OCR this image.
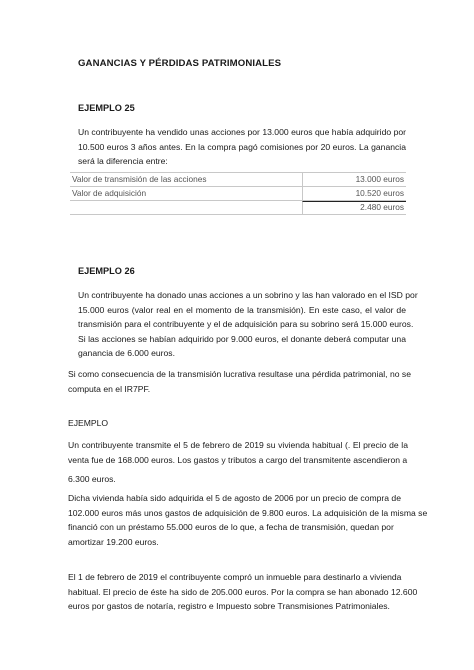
GANANCIAS Y PÉRDIDAS PATRIMONIALES
EJEMPLO 25
Un contribuyente ha vendido unas acciones por 13.000 euros que había adquirido por
10.500 euros 3 años antes. En la compra pagó comisiones por 20 euros. La ganancia
será la diferencia entre:
Valor de transmisión de las acciones	13.000 euros
Valor de adquisición	10.520 euros
2.480 euros
EJEMPLO 26
Un contribuyente ha donado unas acciones a un sobrino y las han valorado en el ISD por
15.000 euros (valor real en el momento de la transmisión). En este caso, el valor de
transmisión para el contribuyente y el de adquisición para su sobrino será 15.000 euros.
Si las acciones se habían adquirido por 9.000 euros, el donante deberá computar una
ganancia de 6.000 euros.
Si como consecuencia de la transmisión lucrativa resultase una pérdida patrimonial, no se
computa en el IR7PF.
EJEMPLO
Un contribuyente transmite el 5 de febrero de 2019 su vivienda habitual (. El precio de la
venta fue de 168.000 euros. Los gastos y tributos a cargo del transmitente ascendieron a
6.300 euros.
Dicha vivienda había sido adquirida el 5 de agosto de 2006 por un precio de compra de
102.000 euros más unos gastos de adquisición de 9.800 euros. La adquisición de la misma se
financió con un préstamo 55.000 euros de lo que, a fecha de transmisión, quedan por
amortizar 19.200 euros.
El 1 de febrero de 2019 el contribuyente compró un inmueble para destinarlo a vivienda
habitual. El precio de éste ha sido de 205.000 euros. Por la compra se han abonado 12.600
euros por gastos de notaría, registro e Impuesto sobre Transmisiones Patrimoniales.
